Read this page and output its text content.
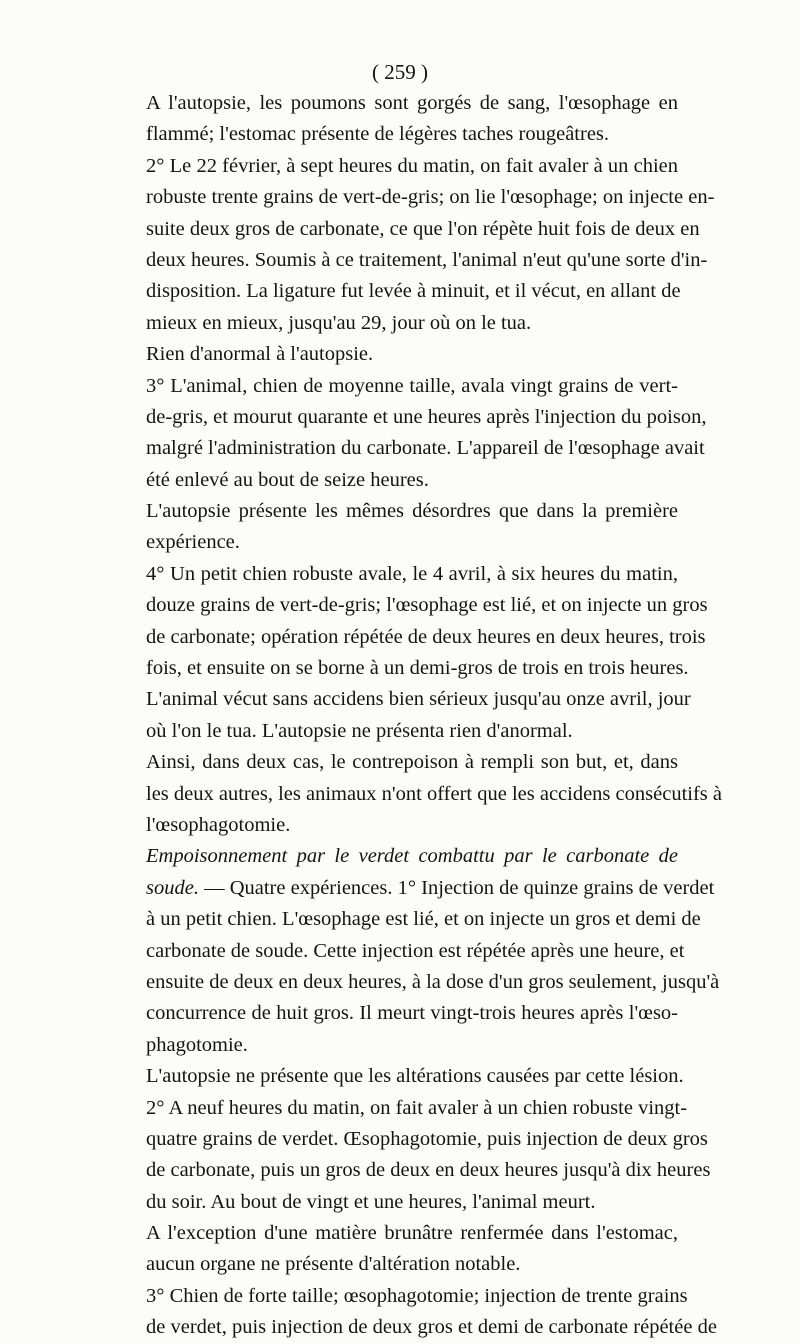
( 259 )
A l'autopsie, les poumons sont gorgés de sang, l'œsophage en
flammé; l'estomac présente de légères taches rougeâtres.
2° Le 22 février, à sept heures du matin, on fait avaler à un chien
robuste trente grains de vert-de-gris; on lie l'œsophage; on injecte en-
suite deux gros de carbonate, ce que l'on répète huit fois de deux en
deux heures. Soumis à ce traitement, l'animal n'eut qu'une sorte d'in-
disposition. La ligature fut levée à minuit, et il vécut, en allant de
mieux en mieux, jusqu'au 29, jour où on le tua.
Rien d'anormal à l'autopsie.
3° L'animal, chien de moyenne taille, avala vingt grains de vert-
de-gris, et mourut quarante et une heures après l'injection du poison,
malgré l'administration du carbonate. L'appareil de l'œsophage avait
été enlevé au bout de seize heures.
L'autopsie présente les mêmes désordres que dans la première
expérience.
4° Un petit chien robuste avale, le 4 avril, à six heures du matin,
douze grains de vert-de-gris; l'œsophage est lié, et on injecte un gros
de carbonate; opération répétée de deux heures en deux heures, trois
fois, et ensuite on se borne à un demi-gros de trois en trois heures.
L'animal vécut sans accidens bien sérieux jusqu'au onze avril, jour
où l'on le tua. L'autopsie ne présenta rien d'anormal.
Ainsi, dans deux cas, le contrepoison à rempli son but, et, dans
les deux autres, les animaux n'ont offert que les accidens consécutifs à
l'œsophagotomie.
Empoisonnement par le verdet combattu par le carbonate de
soude. — Quatre expériences. 1° Injection de quinze grains de verdet
à un petit chien. L'œsophage est lié, et on injecte un gros et demi de
carbonate de soude. Cette injection est répétée après une heure, et
ensuite de deux en deux heures, à la dose d'un gros seulement, jusqu'à
concurrence de huit gros. Il meurt vingt-trois heures après l'œso-
phagotomie.
L'autopsie ne présente que les altérations causées par cette lésion.
2° A neuf heures du matin, on fait avaler à un chien robuste vingt-
quatre grains de verdet. Œsophagotomie, puis injection de deux gros
de carbonate, puis un gros de deux en deux heures jusqu'à dix heures
du soir. Au bout de vingt et une heures, l'animal meurt.
A l'exception d'une matière brunâtre renfermée dans l'estomac,
aucun organe ne présente d'altération notable.
3° Chien de forte taille; œsophagotomie; injection de trente grains
de verdet, puis injection de deux gros et demi de carbonate répétée de
